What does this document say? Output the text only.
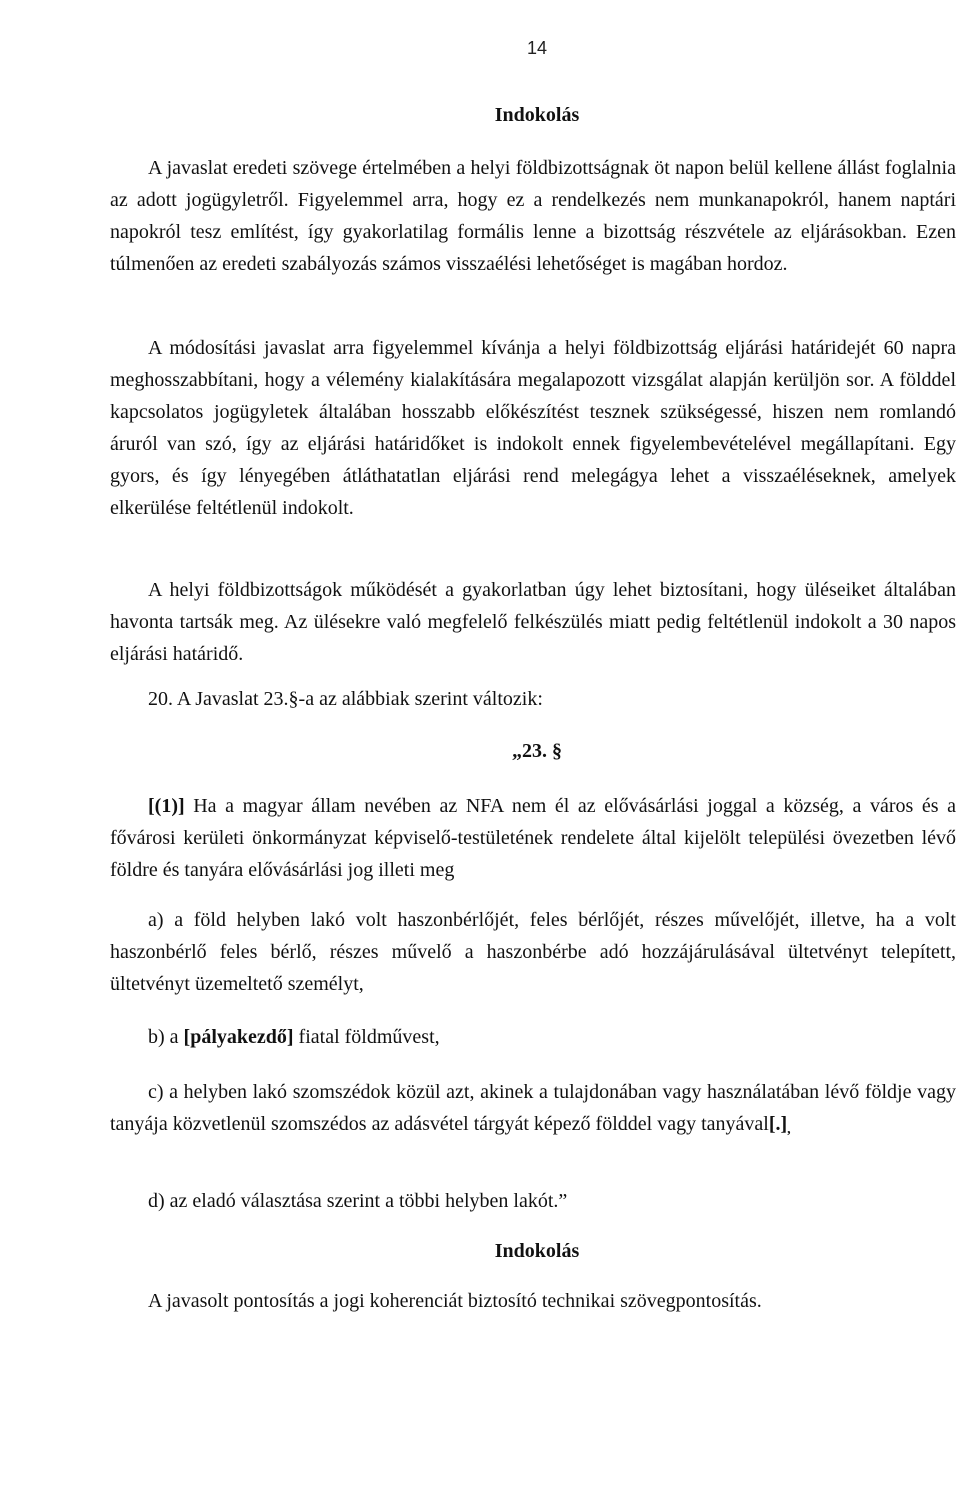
14
Indokolás

A javaslat eredeti szövege értelmében a helyi földbizottságnak öt napon belül kellene állást foglalnia az adott jogügyletről. Figyelemmel arra, hogy ez a rendelkezés nem munkanapokról, hanem naptári napokról tesz említést, így gyakorlatilag formális lenne a bizottság részvétele az eljárásokban. Ezen túlmenően az eredeti szabályozás számos visszaélési lehetőséget is magában hordoz.

A módosítási javaslat arra figyelemmel kívánja a helyi földbizottság eljárási határidejét 60 napra meghosszabbítani, hogy a vélemény kialakítására megalapozott vizsgálat alapján kerüljön sor. A földdel kapcsolatos jogügyletek általában hosszabb előkészítést tesznek szükségessé, hiszen nem romlandó áruról van szó, így az eljárási határidőket is indokolt ennek figyelembevételével megállapítani. Egy gyors, és így lényegében átláthatatlan eljárási rend melegágya lehet a visszaéléseknek, amelyek elkerülése feltétlenül indokolt.

A helyi földbizottságok működését a gyakorlatban úgy lehet biztosítani, hogy üléseiket általában havonta tartsák meg. Az ülésekre való megfelelő felkészülés miatt pedig feltétlenül indokolt a 30 napos eljárási határidő.

20. A Javaslat 23.§-a az alábbiak szerint változik:

„23. §

[(1)] Ha a magyar állam nevében az NFA nem él az elővásárlási joggal a község, a város és a fővárosi kerületi önkormányzat képviselő-testületének rendelete által kijelölt települési övezetben lévő földre és tanyára elővásárlási jog illeti meg

a) a föld helyben lakó volt haszonbérlőjét, feles bérlőjét, részes művelőjét, illetve, ha a volt haszonbérlő feles bérlő, részes művelő a haszonbérbe adó hozzájárulásával ültetvényt telepített, ültetvényt üzemeltető személyt,

b) a [pályakezdő] fiatal földművest,

c) a helyben lakó szomszédok közül azt, akinek a tulajdonában vagy használatában lévő földje vagy tanyája közvetlenül szomszédos az adásvétel tárgyát képező földdel vagy $\tan yával[.]_,$

d) az eladó választása szerint a többi helyben lakót.”

Indokolás

A javasolt pontosítás a jogi koherenciát biztosító technikai szövegpontosítás.
